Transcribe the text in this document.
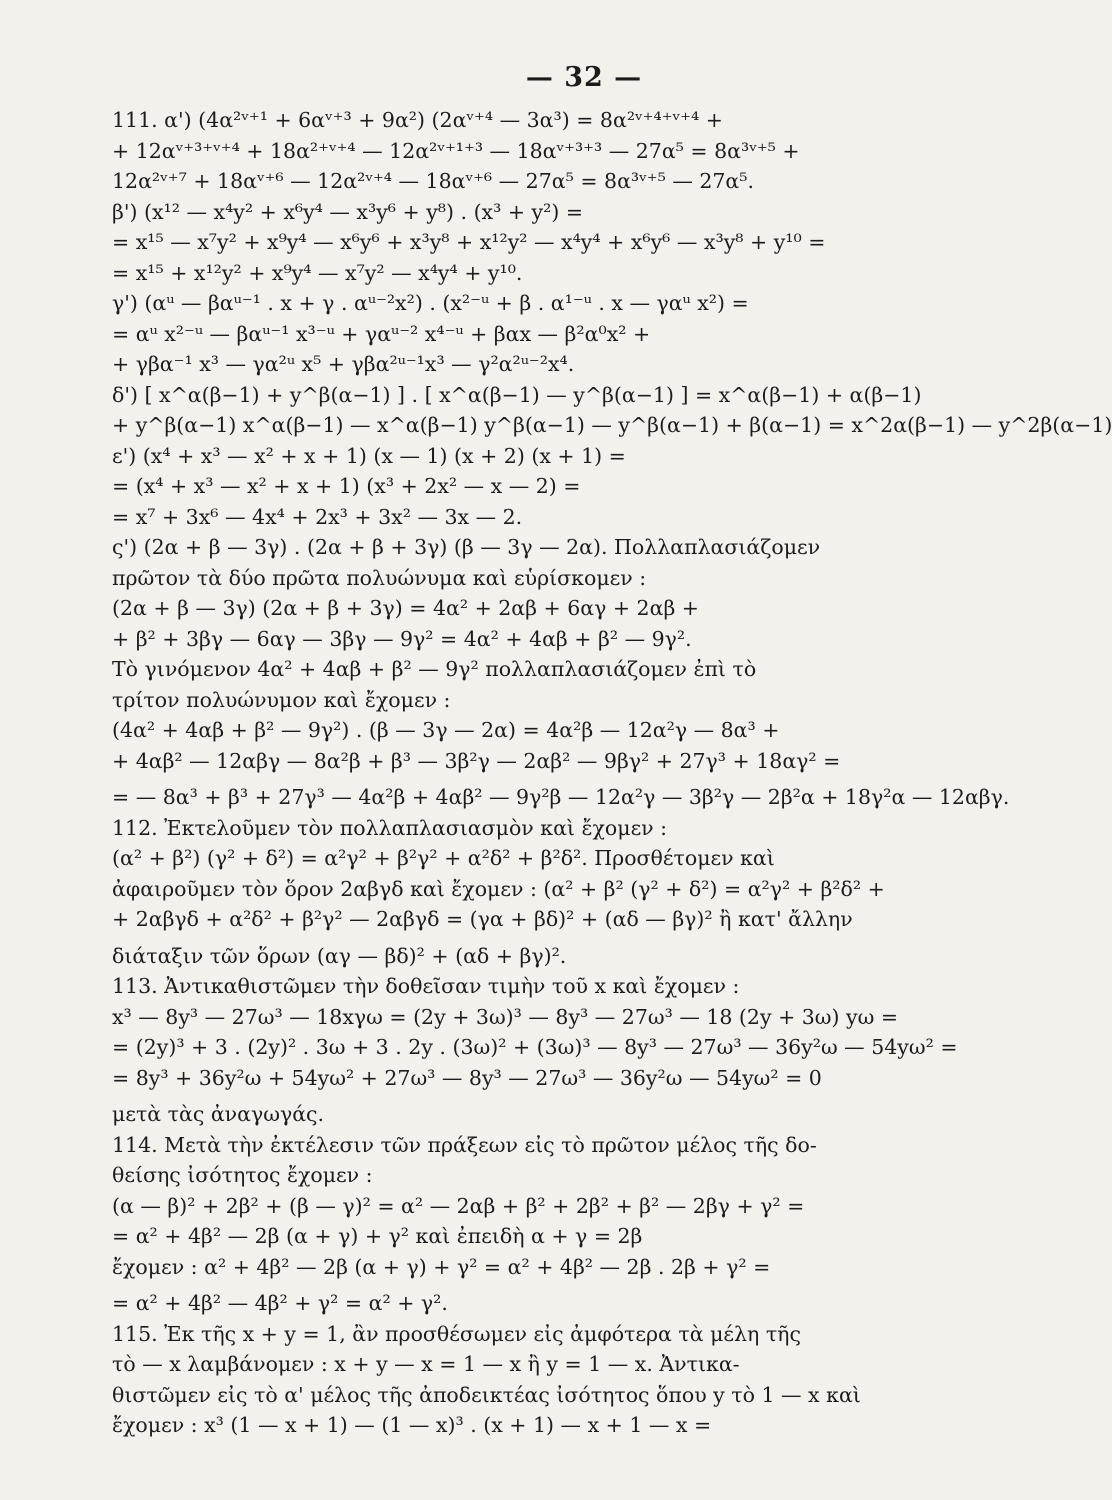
— 32 —
111. α') (4α²ᵛ⁺¹ + 6αᵛ⁺³ + 9α²) (2αᵛ⁺⁴ — 3α³) = 8α²ᵛ⁺⁴⁺ᵛ⁺⁴ +
+ 12αᵛ⁺³⁺ᵛ⁺⁴ + 18α²⁺ᵛ⁺⁴ — 12α²ᵛ⁺¹⁺³ — 18αᵛ⁺³⁺³ — 27α⁵ = 8α³ᵛ⁺⁵ +
12α²ᵛ⁺⁷ + 18αᵛ⁺⁶ — 12α²ᵛ⁺⁴ — 18αᵛ⁺⁶ — 27α⁵ = 8α³ᵛ⁺⁵ — 27α⁵.
β') (x¹² — x⁴y² + x⁶y⁴ — x³y⁶ + y⁸) . (x³ + y²) =
= x¹⁵ — x⁷y² + x⁹y⁴ — x⁶y⁶ + x³y⁸ + x¹²y² — x⁴y⁴ + x⁶y⁶ — x³y⁸ + y¹⁰ =
= x¹⁵ + x¹²y² + x⁹y⁴ — x⁷y² — x⁴y⁴ + y¹⁰.
γ') (αᵘ — βαᵘ⁻¹ . x + γ . αᵘ⁻²x²) . (x²⁻ᵘ + β . α¹⁻ᵘ . x — γαᵘ x²) =
= αᵘ x²⁻ᵘ — βαᵘ⁻¹ x³⁻ᵘ + γαᵘ⁻² x⁴⁻ᵘ + βαx — β²α⁰x² +
+ γβα⁻¹ x³ — γα²ᵘ x⁵ + γβα²ᵘ⁻¹x³ — γ²α²ᵘ⁻²x⁴.
δ') [ x^α(β−1) + y^β(α−1) ] . [ x^α(β−1) — y^β(α−1) ] = x^α(β−1) + α(β−1)
+ y^β(α−1) x^α(β−1) — x^α(β−1) y^β(α−1) — y^β(α−1) + β(α−1) = x^2α(β−1) — y^2β(α−1)
ε') (x⁴ + x³ — x² + x + 1) (x — 1) (x + 2) (x + 1) =
= (x⁴ + x³ — x² + x + 1) (x³ + 2x² — x — 2) =
= x⁷ + 3x⁶ — 4x⁴ + 2x³ + 3x² — 3x — 2.
ς') (2α + β — 3γ) . (2α + β + 3γ) (β — 3γ — 2α). Πολλαπλασιάζομεν
πρῶτον τὰ δύο πρῶτα πολυώνυμα καὶ εὑρίσκομεν :
(2α + β — 3γ) (2α + β + 3γ) = 4α² + 2αβ + 6αγ + 2αβ +
+ β² + 3βγ — 6αγ — 3βγ — 9γ² = 4α² + 4αβ + β² — 9γ².
Τὸ γινόμενον 4α² + 4αβ + β² — 9γ² πολλαπλασιάζομεν ἐπὶ τὸ
τρίτον πολυώνυμον καὶ ἔχομεν :
(4α² + 4αβ + β² — 9γ²) . (β — 3γ — 2α) = 4α²β — 12α²γ — 8α³ +
+ 4αβ² — 12αβγ — 8α²β + β³ — 3β²γ — 2αβ² — 9βγ² + 27γ³ + 18αγ² =
= — 8α³ + β³ + 27γ³ — 4α²β + 4αβ² — 9γ²β — 12α²γ — 3β²γ — 2β²α + 18γ²α — 12αβγ.
112. Ἐκτελοῦμεν τὸν πολλαπλασιασμὸν καὶ ἔχομεν :
(α² + β²) (γ² + δ²) = α²γ² + β²γ² + α²δ² + β²δ². Προσθέτομεν καὶ
ἀφαιροῦμεν τὸν ὅρον 2αβγδ καὶ ἔχομεν : (α² + β² (γ² + δ²) = α²γ² + β²δ² +
+ 2αβγδ + α²δ² + β²γ² — 2αβγδ = (γα + βδ)² + (αδ — βγ)² ἢ κατ' ἄλλην
διάταξιν τῶν ὅρων (αγ — βδ)² + (αδ + βγ)².
113. Ἀντικαθιστῶμεν τὴν δοθεῖσαν τιμὴν τοῦ x καὶ ἔχομεν :
x³ — 8y³ — 27ω³ — 18xγω = (2y + 3ω)³ — 8y³ — 27ω³ — 18 (2y + 3ω) yω =
= (2y)³ + 3 . (2y)² . 3ω + 3 . 2y . (3ω)² + (3ω)³ — 8y³ — 27ω³ — 36y²ω — 54yω² =
= 8y³ + 36y²ω + 54yω² + 27ω³ — 8y³ — 27ω³ — 36y²ω — 54yω² = 0
μετὰ τὰς ἀναγωγάς.
114. Μετὰ τὴν ἐκτέλεσιν τῶν πράξεων εἰς τὸ πρῶτον μέλος τῆς δο-
θείσης ἰσότητος ἔχομεν :
(α — β)² + 2β² + (β — γ)² = α² — 2αβ + β² + 2β² + β² — 2βγ + γ² =
= α² + 4β² — 2β (α + γ) + γ² καὶ ἐπειδὴ α + γ = 2β
ἔχομεν : α² + 4β² — 2β (α + γ) + γ² = α² + 4β² — 2β . 2β + γ² =
= α² + 4β² — 4β² + γ² = α² + γ².
115. Ἐκ τῆς x + y = 1, ἂν προσθέσωμεν εἰς ἀμφότερα τὰ μέλη τῆς
τὸ — x λαμβάνομεν : x + y — x = 1 — x ἢ y = 1 — x. Ἀντικα-
θιστῶμεν εἰς τὸ α' μέλος τῆς ἀποδεικτέας ἰσότητος ὅπου y τὸ 1 — x καὶ
ἔχομεν : x³ (1 — x + 1) — (1 — x)³ . (x + 1) — x + 1 — x =
